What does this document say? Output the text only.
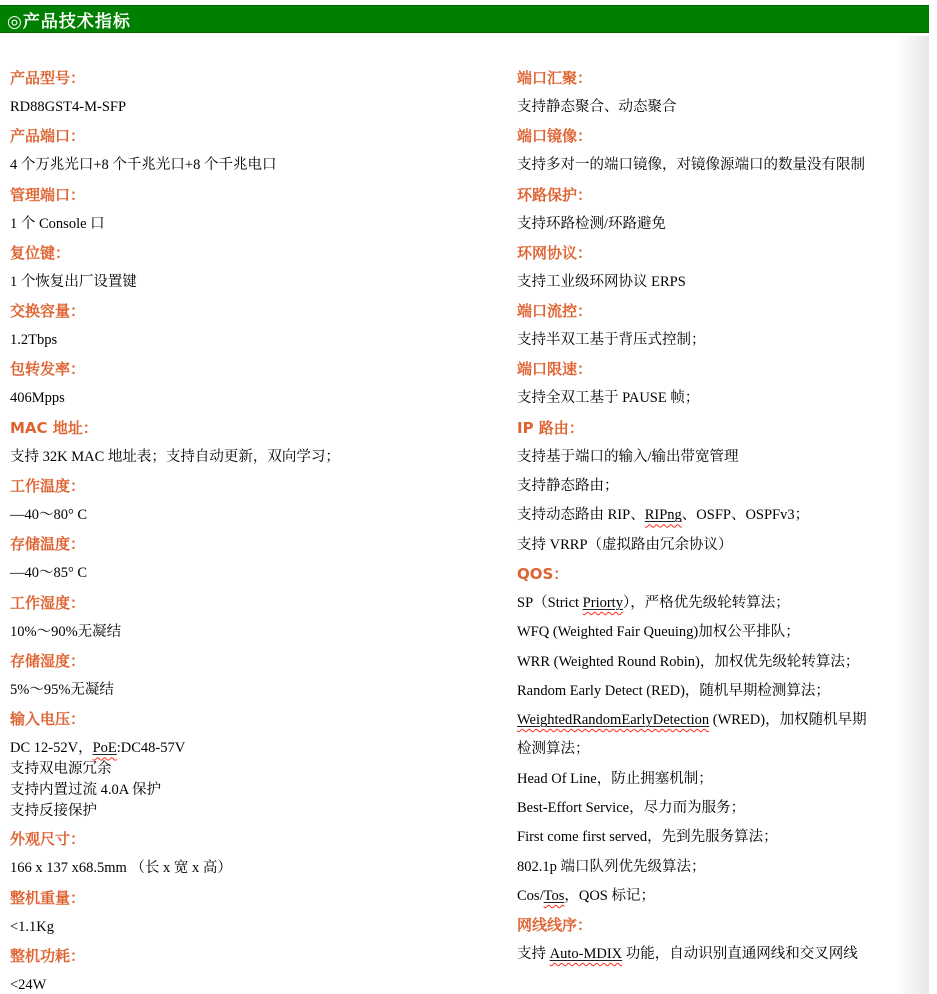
◎产品技术指标
产品型号：
RD88GST4-M-SFP
产品端口：
4 个万兆光口+8 个千兆光口+8 个千兆电口
管理端口：
1 个 Console 口
复位键：
1 个恢复出厂设置键
交换容量：
1.2Tbps
包转发率：
406Mpps
MAC 地址：
支持 32K MAC 地址表；支持自动更新，双向学习；
工作温度：
—40～80° C
存储温度：
—40～85° C
工作湿度：
10%～90%无凝结
存储湿度：
5%～95%无凝结
输入电压：
DC 12-52V，PoE:DC48-57V
支持双电源冗余
支持内置过流 4.0A 保护
支持反接保护
外观尺寸：
166 x 137 x68.5mm （长 x 宽 x 高）
整机重量：
<1.1Kg
整机功耗：
<24W
端口汇聚：
支持静态聚合、动态聚合
端口镜像：
支持多对一的端口镜像，对镜像源端口的数量没有限制
环路保护：
支持环路检测/环路避免
环网协议：
支持工业级环网协议 ERPS
端口流控：
支持半双工基于背压式控制；
端口限速：
支持全双工基于 PAUSE 帧；
IP 路由：
支持基于端口的输入/输出带宽管理
支持静态路由；
支持动态路由 RIP、RIPng、OSFP、OSPFv3；
支持 VRRP（虚拟路由冗余协议）
QOS：
SP（Strict Priorty），严格优先级轮转算法；
WFQ (Weighted Fair Queuing)加权公平排队；
WRR (Weighted Round Robin)，加权优先级轮转算法；
Random Early Detect (RED)，随机早期检测算法；
WeightedRandomEarlyDetection (WRED)，加权随机早期
检测算法；
Head Of Line，防止拥塞机制；
Best-Effort Service，尽力而为服务；
First come first served，先到先服务算法；
802.1p 端口队列优先级算法；
Cos/Tos，QOS 标记；
网线线序：
支持 Auto-MDIX 功能，自动识别直通网线和交叉网线
